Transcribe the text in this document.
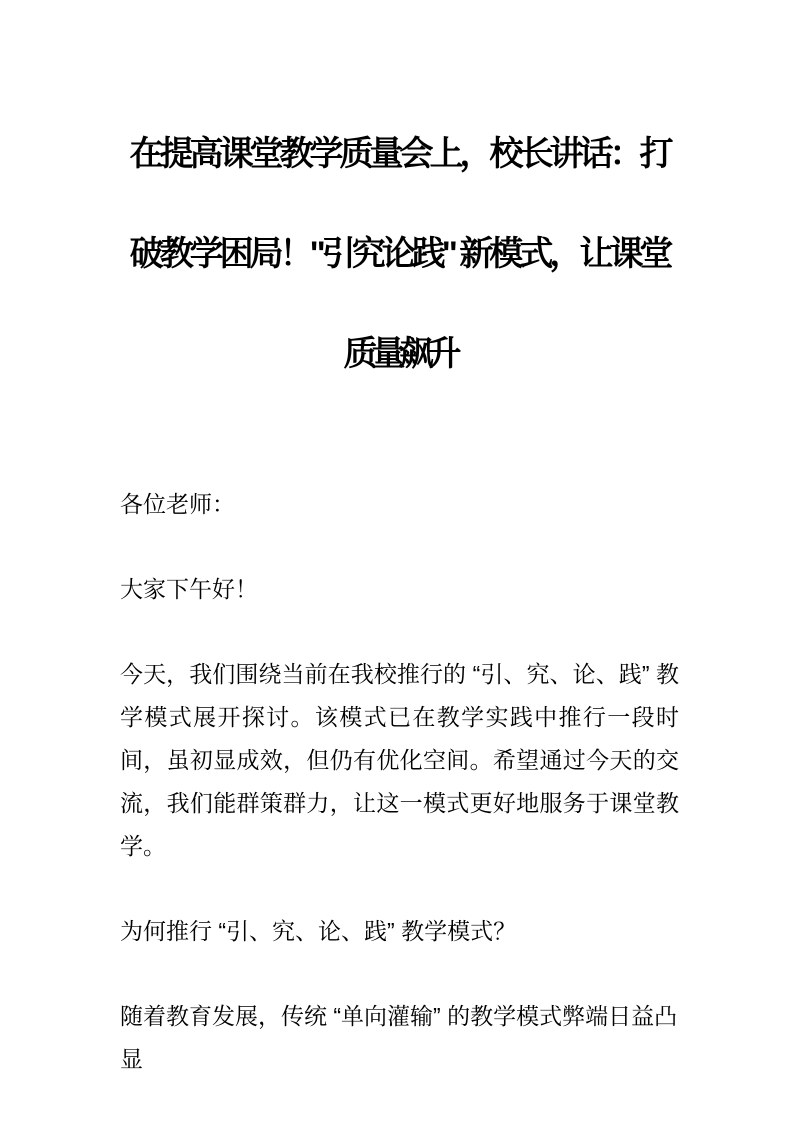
在提高课堂教学质量会上，校长讲话：打
破教学困局！"引究论践" 新模式，让课堂
质量飙升

各位老师：

大家下午好！

今天，我们围绕当前在我校推行的 “引、究、论、践” 教学模式展开探讨。该模式已在教学实践中推行一段时间，虽初显成效，但仍有优化空间。希望通过今天的交流，我们能群策群力，让这一模式更好地服务于课堂教学。

为何推行 “引、究、论、践” 教学模式？

随着教育发展，传统 “单向灌输” 的教学模式弊端日益凸显
